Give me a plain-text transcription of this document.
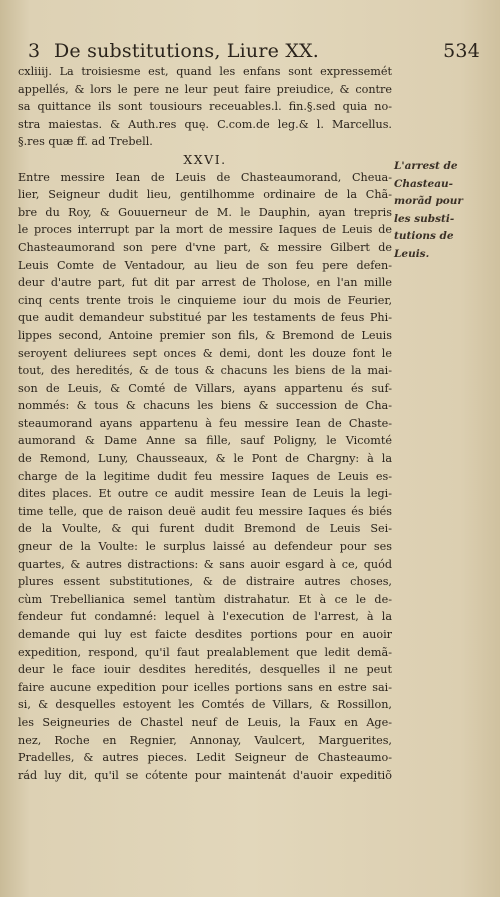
3 De substitutions, Liure XX.	534
cxliiij. La troisiesme est, quand les enfans sont expressemét
appellés, & lors le pere ne leur peut faire preiudice, & contre
sa quittance ils sont tousiours receuables.l. fin.§.sed quia no-
stra maiestas. & Auth.res quę. C.com.de leg.& l. Marcellus.
§.res quæ ff. ad Trebell.
XXVI.
Entre messire Iean de Leuis de Chasteaumorand, Cheua-
lier, Seigneur dudit lieu, gentilhomme ordinaire de la Chã-
bre du Roy, & Gouuerneur de M. le Dauphin, ayan trepris
le proces interrupt par la mort de messire Iaques de Leuis de
Chasteaumorand son pere d'vne part, & messire Gilbert de
Leuis Comte de Ventadour, au lieu de son feu pere defen-
deur d'autre part, fut dit par arrest de Tholose, en l'an mille
cinq cents trente trois le cinquieme iour du mois de Feurier,
que audit demandeur substitué par les testaments de feus Phi-
lippes second, Antoine premier son fils, & Bremond de Leuis
seroyent deliurees sept onces & demi, dont les douze font le
tout, des heredités, & de tous & chacuns les biens de la mai-
son de Leuis, & Comté de Villars, ayans appartenu és suf-
nommés: & tous & chacuns les biens & succession de Cha-
steaumorand ayans appartenu à feu messire Iean de Chaste-
aumorand & Dame Anne sa fille, sauf Poligny, le Vicomté
de Remond, Luny, Chausseaux, & le Pont de Chargny: à la
charge de la legitime dudit feu messire Iaques de Leuis es-
dites places. Et outre ce audit messire Iean de Leuis la legi-
time telle, que de raison deuë audit feu messire Iaques és biés
de la Voulte, & qui furent dudit Bremond de Leuis Sei-
gneur de la Voulte: le surplus laissé au defendeur pour ses
quartes, & autres distractions: & sans auoir esgard à ce, quód
plures essent substitutiones, & de distraire autres choses,
cùm Trebellianica semel tantùm distrahatur. Et à ce le de-
fendeur fut condamné: lequel à l'execution de l'arrest, à la
demande qui luy est faicte desdites portions pour en auoir
expedition, respond, qu'il faut prealablement que ledit demã-
deur le face iouir desdites heredités, desquelles il ne peut
faire aucune expedition pour icelles portions sans en estre sai-
si, & desquelles estoyent les Comtés de Villars, & Rossillon,
les Seigneuries de Chastel neuf de Leuis, la Faux en Age-
nez, Roche en Regnier, Annonay, Vaulcert, Marguerites,
Pradelles, & autres pieces. Ledit Seigneur de Chasteaumo-
rád luy dit, qu'il se cótente pour maintenát d'auoir expeditiõ
L'arrest de
Chasteau-
morãd pour
les substi-
tutions de
Leuis.
